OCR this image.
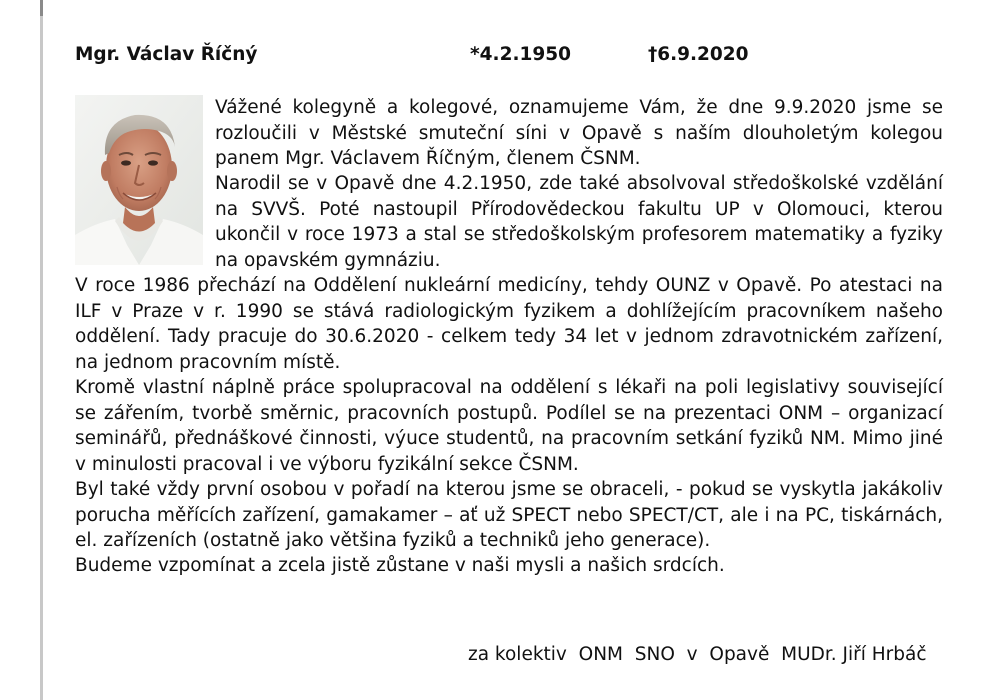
Mgr. Václav Říčný	*4.2.1950	†6.9.2020
Vážené kolegyně a kolegové, oznamujeme Vám, že dne 9.9.2020 jsme se rozloučili v Městské smuteční síni v Opavě s naším dlouholetým kolegou panem Mgr. Václavem Říčným, členem ČSNM.
Narodil se v Opavě dne 4.2.1950, zde také absolvoval středoškolské vzdělání na SVVŠ. Poté nastoupil Přírodovědeckou fakultu UP v Olomouci, kterou ukončil v roce 1973 a stal se středoškolským profesorem matematiky a fyziky na opavském gymnáziu.
V roce 1986 přechází na Oddělení nukleární medicíny, tehdy OUNZ v Opavě. Po atestaci na ILF v Praze v r. 1990 se stává radiologickým fyzikem a dohlížejícím pracovníkem našeho oddělení. Tady pracuje do 30.6.2020 - celkem tedy 34 let v jednom zdravotnickém zařízení, na jednom pracovním místě.
Kromě vlastní náplně práce spolupracoval na oddělení s lékaři na poli legislativy související se zářením, tvorbě směrnic, pracovních postupů. Podílel se na prezentaci ONM – organizací seminářů, přednáškové činnosti, výuce studentů, na pracovním setkání fyziků NM. Mimo jiné v minulosti pracoval i ve výboru fyzikální sekce ČSNM.
Byl také vždy první osobou v pořadí na kterou jsme se obraceli, - pokud se vyskytla jakákoliv porucha měřících zařízení, gamakamer – ať už SPECT nebo SPECT/CT, ale i na PC, tiskárnách, el. zařízeních (ostatně jako většina fyziků a techniků jeho generace).
Budeme vzpomínat a zcela jistě zůstane v naši mysli a našich srdcích.
za kolektiv  ONM  SNO  v  Opavě  MUDr. Jiří Hrbáč
